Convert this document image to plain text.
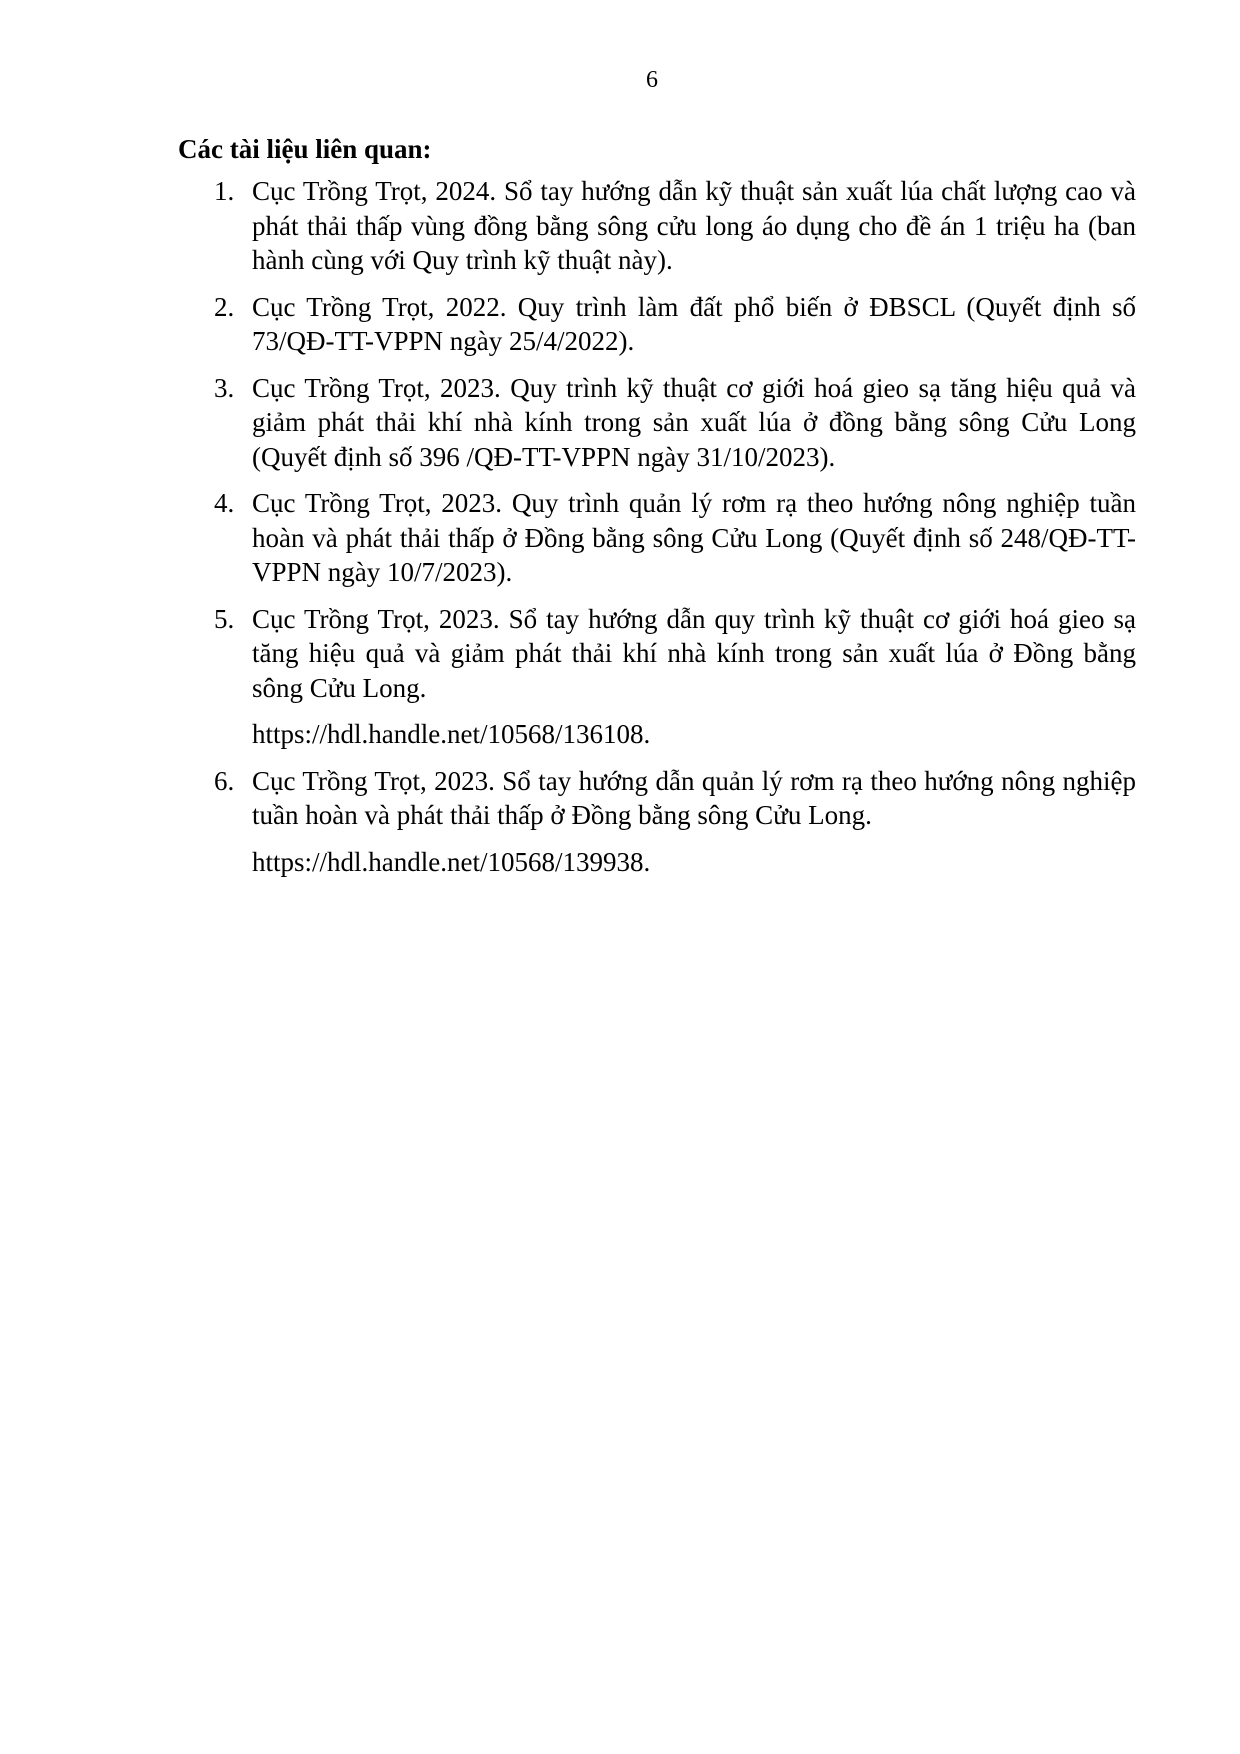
6
Các tài liệu liên quan:
1. Cục Trồng Trọt, 2024. Sổ tay hướng dẫn kỹ thuật sản xuất lúa chất lượng cao và phát thải thấp vùng đồng bằng sông cửu long áo dụng cho đề án 1 triệu ha (ban hành cùng với Quy trình kỹ thuật này).
2. Cục Trồng Trọt, 2022. Quy trình làm đất phổ biến ở ĐBSCL (Quyết định số 73/QĐ-TT-VPPN ngày 25/4/2022).
3. Cục Trồng Trọt, 2023. Quy trình kỹ thuật cơ giới hoá gieo sạ tăng hiệu quả và giảm phát thải khí nhà kính trong sản xuất lúa ở đồng bằng sông Cửu Long (Quyết định số 396 /QĐ-TT-VPPN ngày 31/10/2023).
4. Cục Trồng Trọt, 2023. Quy trình quản lý rơm rạ theo hướng nông nghiệp tuần hoàn và phát thải thấp ở Đồng bằng sông Cửu Long (Quyết định số 248/QĐ-TT-VPPN ngày 10/7/2023).
5. Cục Trồng Trọt, 2023. Sổ tay hướng dẫn quy trình kỹ thuật cơ giới hoá gieo sạ tăng hiệu quả và giảm phát thải khí nhà kính trong sản xuất lúa ở Đồng bằng sông Cửu Long.
https://hdl.handle.net/10568/136108.
6. Cục Trồng Trọt, 2023. Sổ tay hướng dẫn quản lý rơm rạ theo hướng nông nghiệp tuần hoàn và phát thải thấp ở Đồng bằng sông Cửu Long.
https://hdl.handle.net/10568/139938.
